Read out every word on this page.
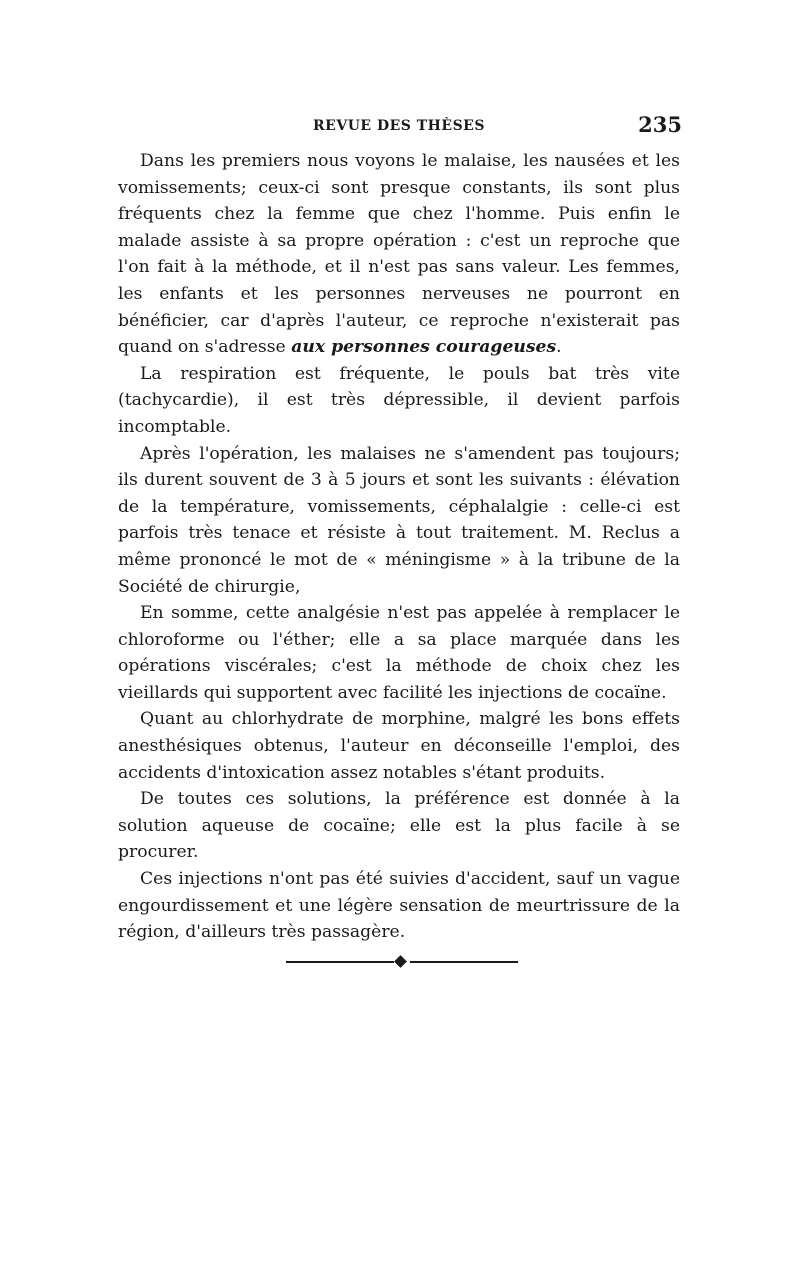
REVUE DES THÈSES	235

Dans les premiers nous voyons le malaise, les nausées et les vomissements; ceux-ci sont presque constants, ils sont plus fréquents chez la femme que chez l'homme. Puis enfin le malade assiste à sa propre opération : c'est un reproche que l'on fait à la méthode, et il n'est pas sans valeur. Les femmes, les enfants et les personnes nerveuses ne pourront en bénéficier, car d'après l'auteur, ce reproche n'existerait pas quand on s'adresse aux personnes courageuses.

La respiration est fréquente, le pouls bat très vite (tachycardie), il est très dépressible, il devient parfois incomptable.

Après l'opération, les malaises ne s'amendent pas toujours; ils durent souvent de 3 à 5 jours et sont les suivants : élévation de la température, vomissements, céphalalgie : celle-ci est parfois très tenace et résiste à tout traitement. M. Reclus a même prononcé le mot de « méningisme » à la tribune de la Société de chirurgie,

En somme, cette analgésie n'est pas appelée à remplacer le chloroforme ou l'éther; elle a sa place marquée dans les opérations viscérales; c'est la méthode de choix chez les vieillards qui supportent avec facilité les injections de cocaïne.

Quant au chlorhydrate de morphine, malgré les bons effets anesthésiques obtenus, l'auteur en déconseille l'emploi, des accidents d'intoxication assez notables s'étant produits.

De toutes ces solutions, la préférence est donnée à la solution aqueuse de cocaïne; elle est la plus facile à se procurer.

Ces injections n'ont pas été suivies d'accident, sauf un vague engourdissement et une légère sensation de meurtrissure de la région, d'ailleurs très passagère.
